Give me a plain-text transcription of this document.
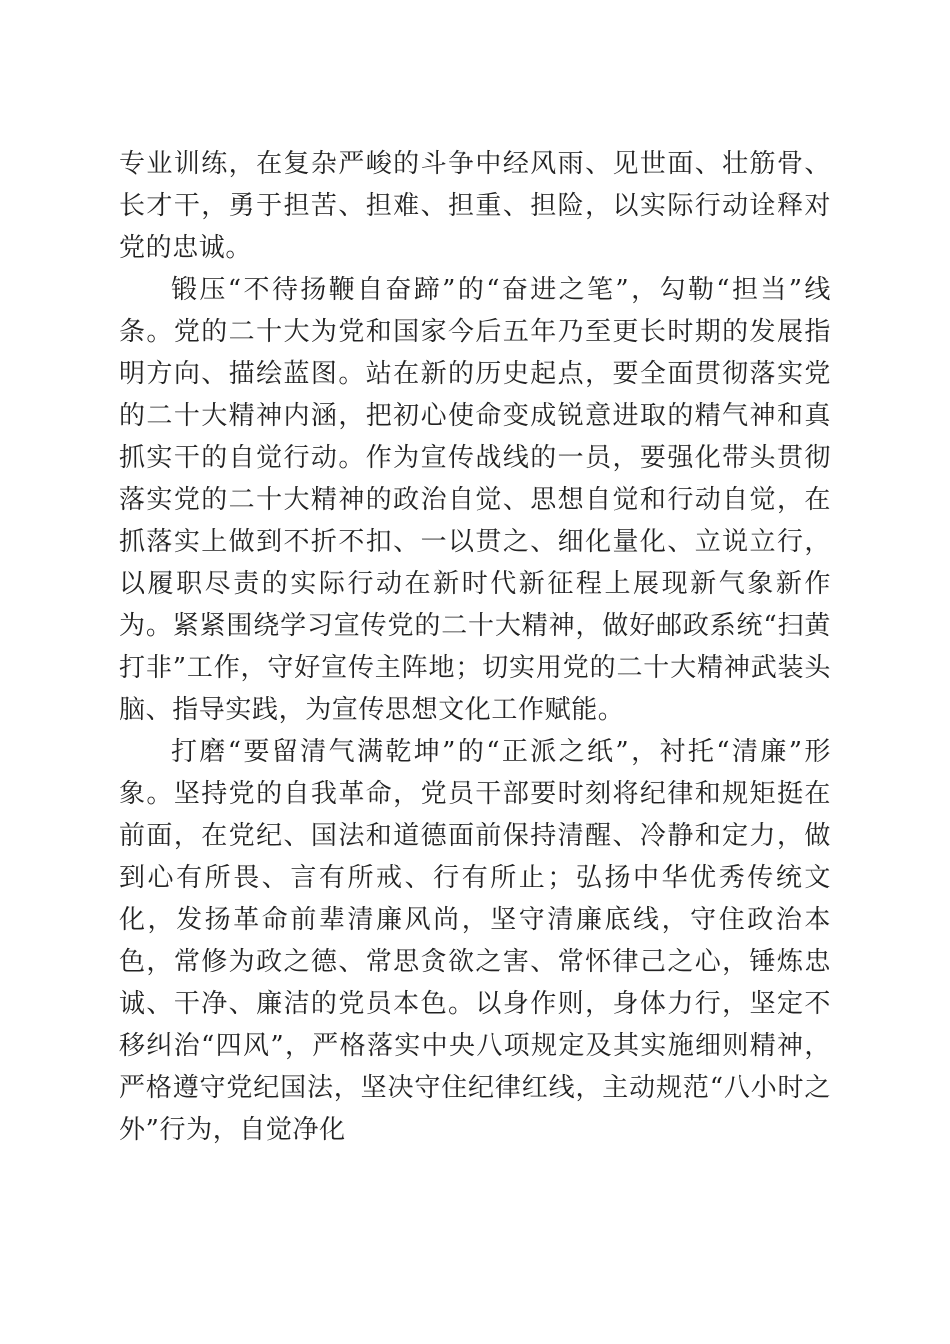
专业训练，在复杂严峻的斗争中经风雨、见世面、壮筋骨、长才干，勇于担苦、担难、担重、担险，以实际行动诠释对党的忠诚。

锻压“不待扬鞭自奋蹄”的“奋进之笔”，勾勒“担当”线条。党的二十大为党和国家今后五年乃至更长时期的发展指明方向、描绘蓝图。站在新的历史起点，要全面贯彻落实党的二十大精神内涵，把初心使命变成锐意进取的精气神和真抓实干的自觉行动。作为宣传战线的一员，要强化带头贯彻落实党的二十大精神的政治自觉、思想自觉和行动自觉，在抓落实上做到不折不扣、一以贯之、细化量化、立说立行，以履职尽责的实际行动在新时代新征程上展现新气象新作为。紧紧围绕学习宣传党的二十大精神，做好邮政系统“扫黄打非”工作，守好宣传主阵地；切实用党的二十大精神武装头脑、指导实践，为宣传思想文化工作赋能。

打磨“要留清气满乾坤”的“正派之纸”，衬托“清廉”形象。坚持党的自我革命，党员干部要时刻将纪律和规矩挺在前面，在党纪、国法和道德面前保持清醒、冷静和定力，做到心有所畏、言有所戒、行有所止；弘扬中华优秀传统文化，发扬革命前辈清廉风尚，坚守清廉底线，守住政治本色，常修为政之德、常思贪欲之害、常怀律己之心，锤炼忠诚、干净、廉洁的党员本色。以身作则，身体力行，坚定不移纠治“四风”，严格落实中央八项规定及其实施细则精神，严格遵守党纪国法，坚决守住纪律红线，主动规范“八小时之外”行为，自觉净化
